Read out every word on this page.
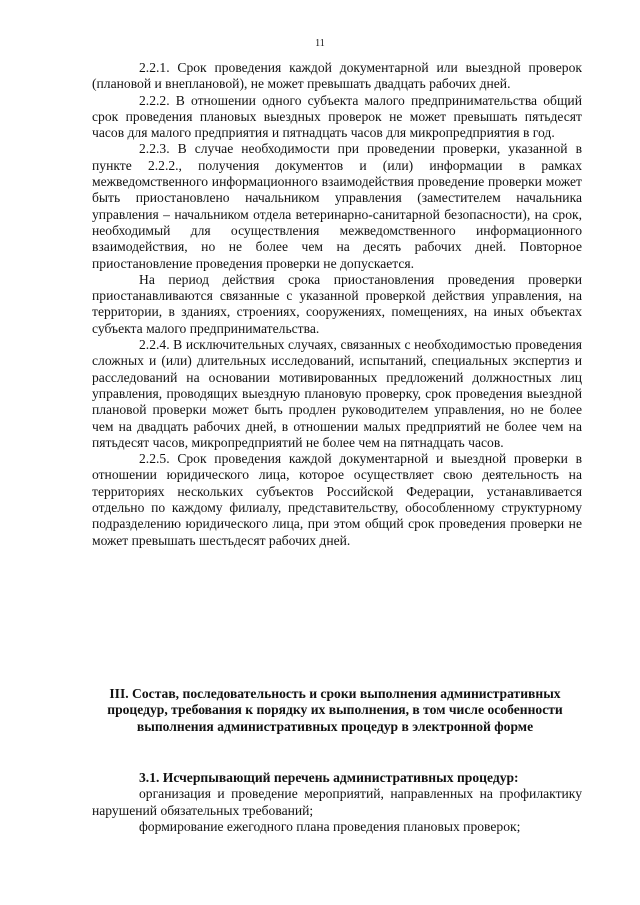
11

2.2.1. Срок проведения каждой документарной или выездной проверок (плановой и внеплановой), не может превышать двадцать рабочих дней.

2.2.2. В отношении одного субъекта малого предпринимательства общий срок проведения плановых выездных проверок не может превышать пятьдесят часов для малого предприятия и пятнадцать часов для микропредприятия в год.

2.2.3. В случае необходимости при проведении проверки, указанной в пункте 2.2.2., получения документов и (или) информации в рамках межведомственного информационного взаимодействия проведение проверки может быть приостановлено начальником управления (заместителем начальника управления – начальником отдела ветеринарно-санитарной безопасности), на срок, необходимый для осуществления межведомственного информационного взаимодействия, но не более чем на десять рабочих дней. Повторное приостановление проведения проверки не допускается.

На период действия срока приостановления проведения проверки приостанавливаются связанные с указанной проверкой действия управления, на территории, в зданиях, строениях, сооружениях, помещениях, на иных объектах субъекта малого предпринимательства.

2.2.4. В исключительных случаях, связанных с необходимостью проведения сложных и (или) длительных исследований, испытаний, специальных экспертиз и расследований на основании мотивированных предложений должностных лиц управления, проводящих выездную плановую проверку, срок проведения выездной плановой проверки может быть продлен руководителем управления, но не более чем на двадцать рабочих дней, в отношении малых предприятий не более чем на пятьдесят часов, микропредприятий не более чем на пятнадцать часов.

2.2.5. Срок проведения каждой документарной и выездной проверки в отношении юридического лица, которое осуществляет свою деятельность на территориях нескольких субъектов Российской Федерации, устанавливается отдельно по каждому филиалу, представительству, обособленному структурному подразделению юридического лица, при этом общий срок проведения проверки не может превышать шестьдесят рабочих дней.

III. Состав, последовательность и сроки выполнения административных процедур, требования к порядку их выполнения, в том числе особенности выполнения административных процедур в электронной форме

3.1. Исчерпывающий перечень административных процедур:

организация и проведение мероприятий, направленных на профилактику нарушений обязательных требований;

формирование ежегодного плана проведения плановых проверок;
